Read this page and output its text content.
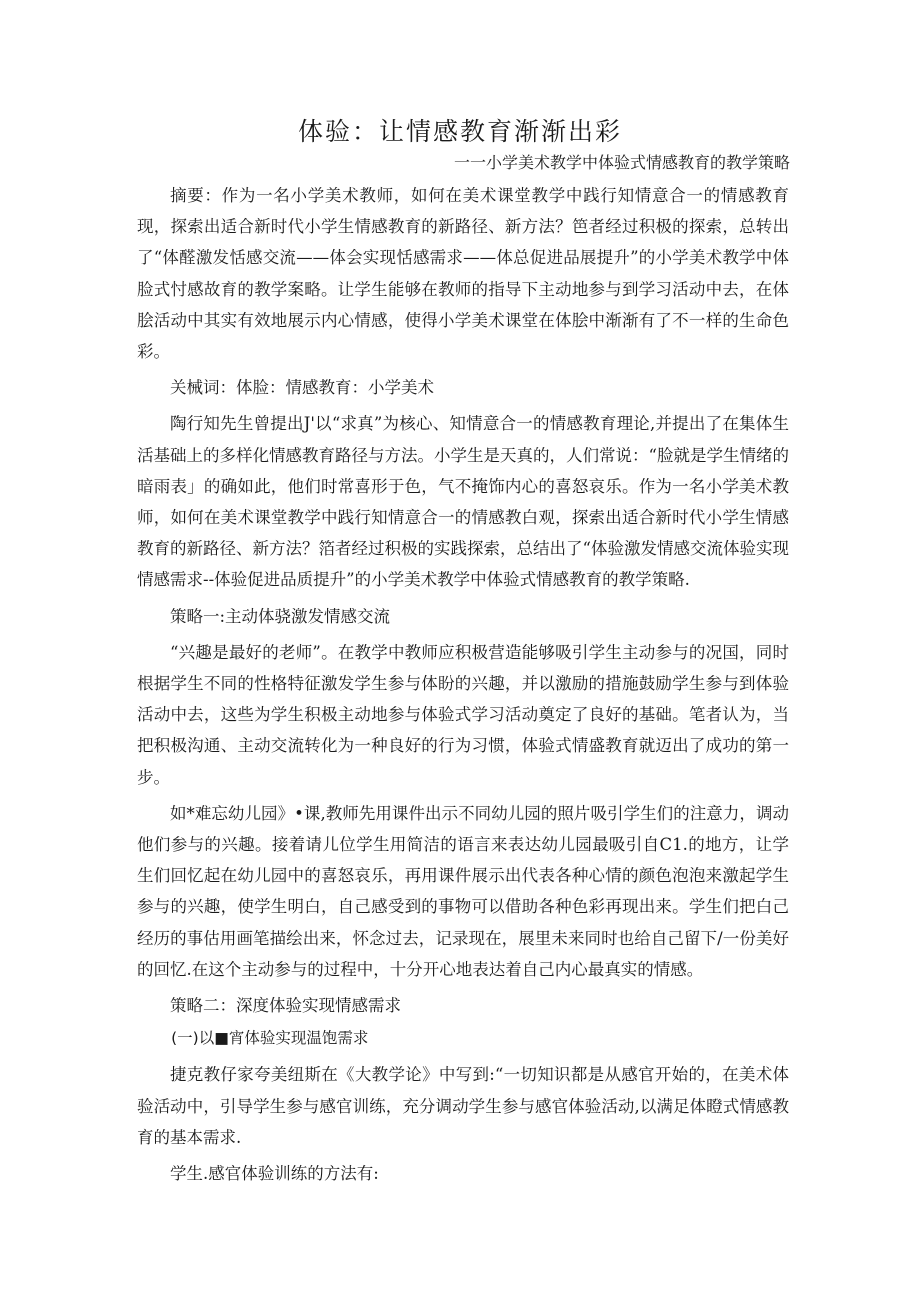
体验：让情感教育渐渐出彩

一一小学美术教学中体验式情感教育的教学策略

摘要：作为一名小学美术教师，如何在美术课堂教学中践行知情意合一的情感教育现，探索出适合新时代小学生情感教育的新路径、新方法？笆者经过积极的探索，总转出了“体醛激发恬感交流——体会实现恬感需求——体总促进品展提升”的小学美术教学中体脸式忖感故育的教学案略。让学生能够在教师的指导下主动地参与到学习活动中去，在体脍活动中其实有效地展示内心情感，使得小学美术课堂在体脍中渐渐有了不一样的生命色彩。

关械词：体脸：情感教育：小学美术

陶行知先生曾提出J'以“求真”为核心、知情意合一的情感教育理论,并提出了在集体生活基础上的多样化情感教育路径与方法。小学生是天真的，人们常说：“脸就是学生情绪的暗雨表」的确如此，他们时常喜形于色，气不掩饰内心的喜怒哀乐。作为一名小学美术教师，如何在美术课堂教学中践行知情意合一的情感教白观，探索出适合新时代小学生情感教育的新路径、新方法？箔者经过积极的实践探索，总结出了“体验激发情感交流体验实现情感需求--体验促进品质提升”的小学美术教学中体验式情感教育的教学策略.

策略一:主动体骁激发情感交流

“兴趣是最好的老师”。在教学中教师应积极营造能够吸引学生主动参与的况国，同时根据学生不同的性格特征激发学生参与体盼的兴趣，并以激励的措施鼓励学生参与到体验活动中去，这些为学生积极主动地参与体验式学习活动奠定了良好的基础。笔者认为，当把积极沟通、主动交流转化为一种良好的行为习惯，体验式情盛教育就迈出了成功的第一步。

如*难忘幼儿园》•课,教师先用课件出示不同幼儿园的照片吸引学生们的注意力，调动他们参与的兴趣。接着请儿位学生用简洁的语言来表达幼儿园最吸引自C1.的地方，让学生们回忆起在幼儿园中的喜怒哀乐，再用课件展示出代表各种心情的颜色泡泡来激起学生参与的兴趣，使学生明白，自己感受到的事物可以借助各种色彩再现出来。学生们把白己经历的事估用画笔描绘出来，怀念过去，记录现在，展里未来同时也给自己留下/一份美好的回忆.在这个主动参与的过程中，十分开心地表达着自己内心最真实的情感。

策略二：深度体验实现情感需求

(一)以■宵体验实现温饱需求

捷克教仔家夸美纽斯在《大教学论》中写到:“一切知识都是从感官开始的，在美术体验活动中，引导学生参与感官训练，充分调动学生参与感官体验活动,以满足体瞪式情感教育的基本需求.

学生.感官体验训练的方法有:
